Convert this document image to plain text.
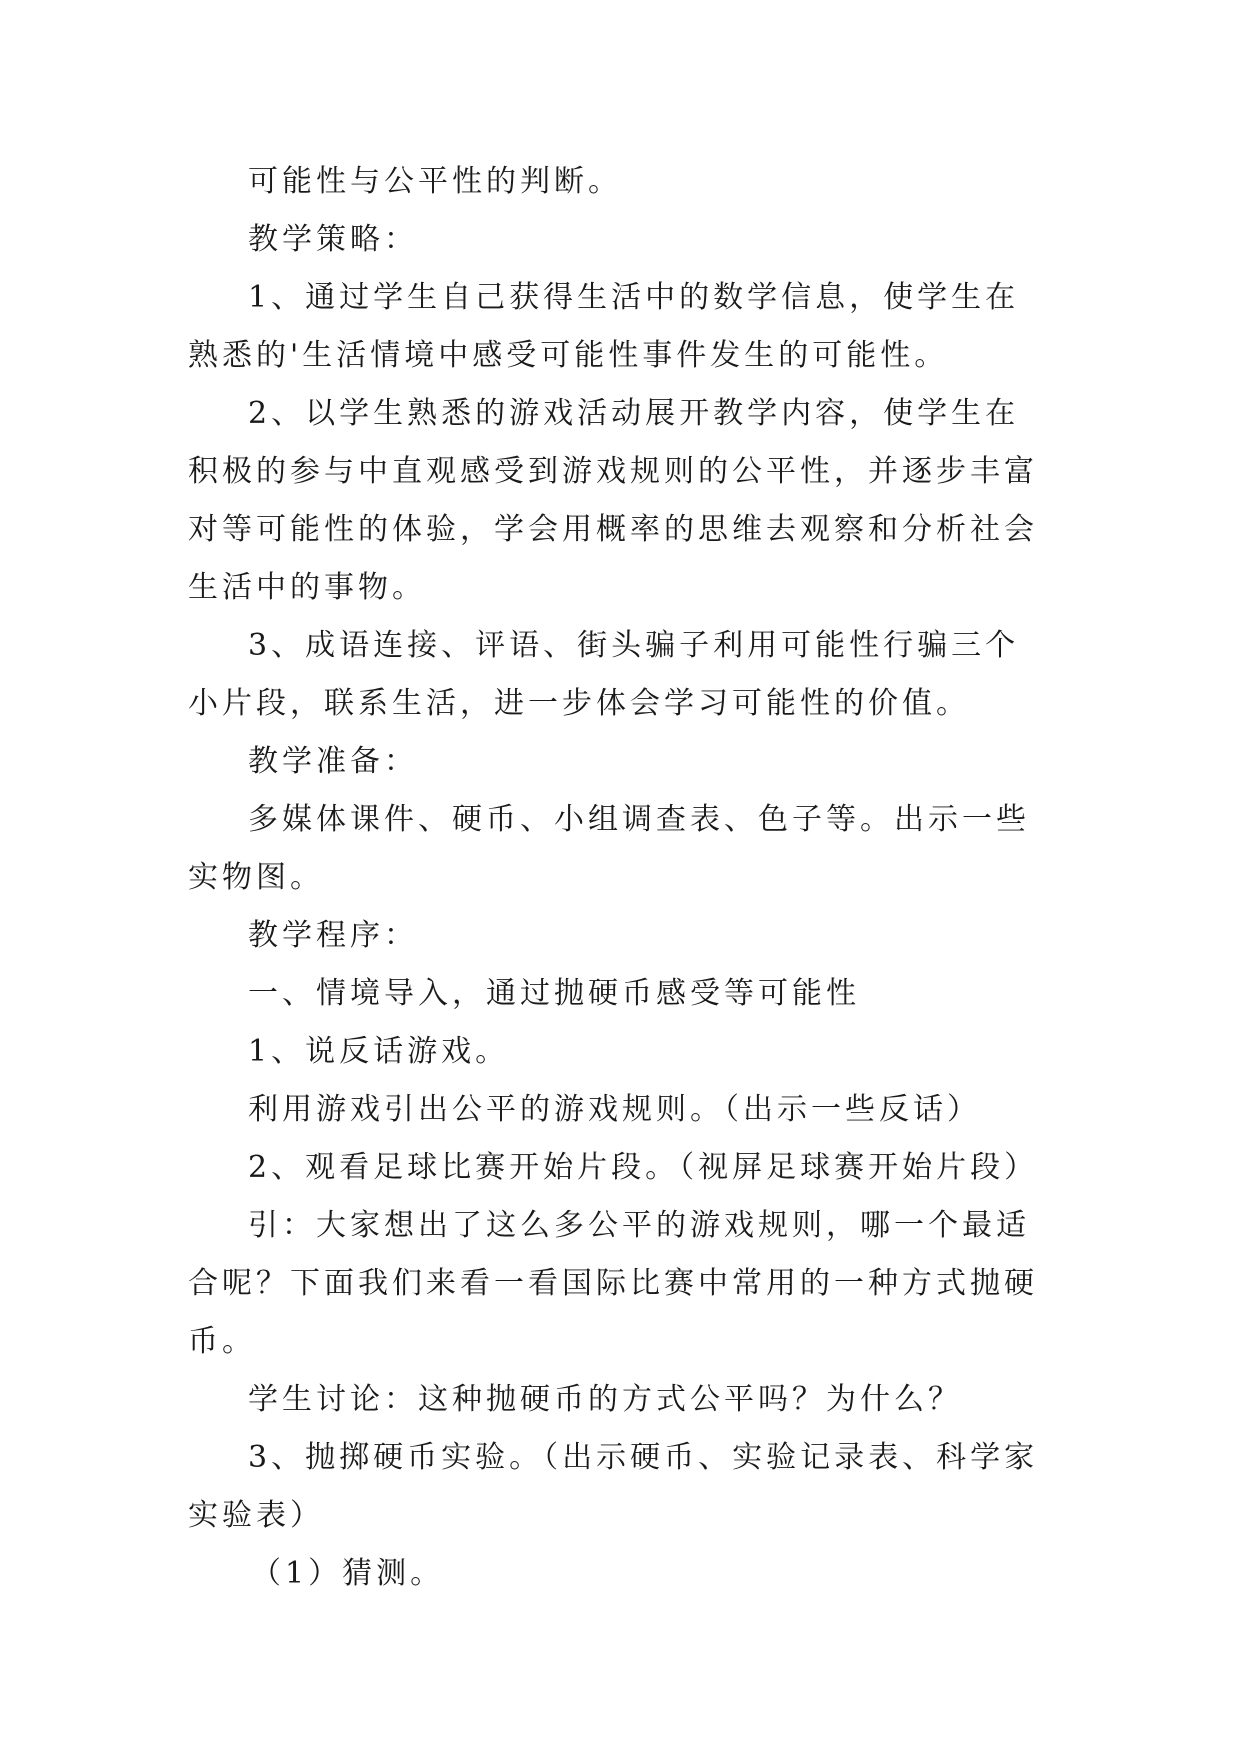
可能性与公平性的判断。

教学策略：

1、通过学生自己获得生活中的数学信息，使学生在熟悉的'生活情境中感受可能性事件发生的可能性。

2、以学生熟悉的游戏活动展开教学内容，使学生在积极的参与中直观感受到游戏规则的公平性，并逐步丰富对等可能性的体验，学会用概率的思维去观察和分析社会生活中的事物。

3、成语连接、评语、街头骗子利用可能性行骗三个小片段，联系生活，进一步体会学习可能性的价值。

教学准备：

多媒体课件、硬币、小组调查表、色子等。出示一些实物图。

教学程序：

一、情境导入，通过抛硬币感受等可能性

1、说反话游戏。

利用游戏引出公平的游戏规则。（出示一些反话）

2、观看足球比赛开始片段。（视屏足球赛开始片段）

引：大家想出了这么多公平的游戏规则，哪一个最适合呢？下面我们来看一看国际比赛中常用的一种方式抛硬币。

学生讨论：这种抛硬币的方式公平吗？为什么？

3、抛掷硬币实验。（出示硬币、实验记录表、科学家实验表）

（1）猜测。
